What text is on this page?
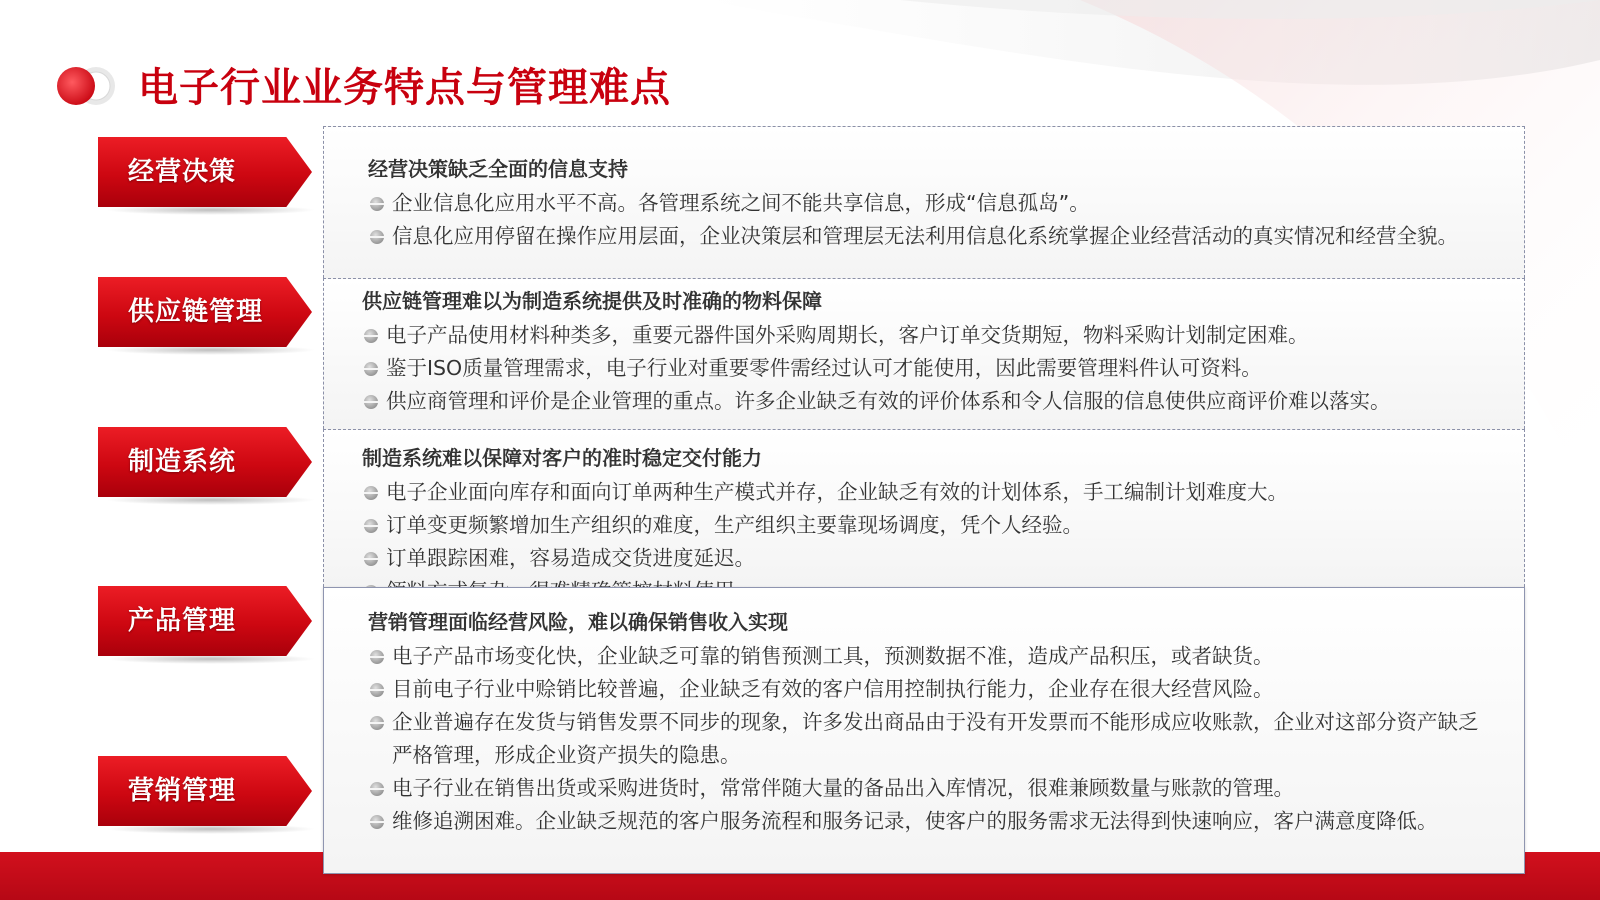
电子行业业务特点与管理难点
经营决策缺乏全面的信息支持
企业信息化应用水平不高。各管理系统之间不能共享信息，形成“信息孤岛”。
信息化应用停留在操作应用层面，企业决策层和管理层无法利用信息化系统掌握企业经营活动的真实情况和经营全貌。
供应链管理难以为制造系统提供及时准确的物料保障
电子产品使用材料种类多，重要元器件国外采购周期长，客户订单交货期短，物料采购计划制定困难。
鉴于ISO质量管理需求，电子行业对重要零件需经过认可才能使用，因此需要管理料件认可资料。
供应商管理和评价是企业管理的重点。许多企业缺乏有效的评价体系和令人信服的信息使供应商评价难以落实。
制造系统难以保障对客户的准时稳定交付能力
电子企业面向库存和面向订单两种生产模式并存，企业缺乏有效的计划体系，手工编制计划难度大。
订单变更频繁增加生产组织的难度，生产组织主要靠现场调度，凭个人经验。
订单跟踪困难，容易造成交货进度延迟。
营销管理面临经营风险，难以确保销售收入实现
电子产品市场变化快，企业缺乏可靠的销售预测工具，预测数据不准，造成产品积压，或者缺货。
目前电子行业中赊销比较普遍，企业缺乏有效的客户信用控制执行能力，企业存在很大经营风险。
企业普遍存在发货与销售发票不同步的现象，许多发出商品由于没有开发票而不能形成应收账款，企业对这部分资产缺乏严格管理，形成企业资产损失的隐患。
电子行业在销售出货或采购进货时，常常伴随大量的备品出入库情况，很难兼顾数量与账款的管理。
维修追溯困难。企业缺乏规范的客户服务流程和服务记录，使客户的服务需求无法得到快速响应，客户满意度降低。
经营决策
供应链管理
制造系统
产品管理
营销管理
